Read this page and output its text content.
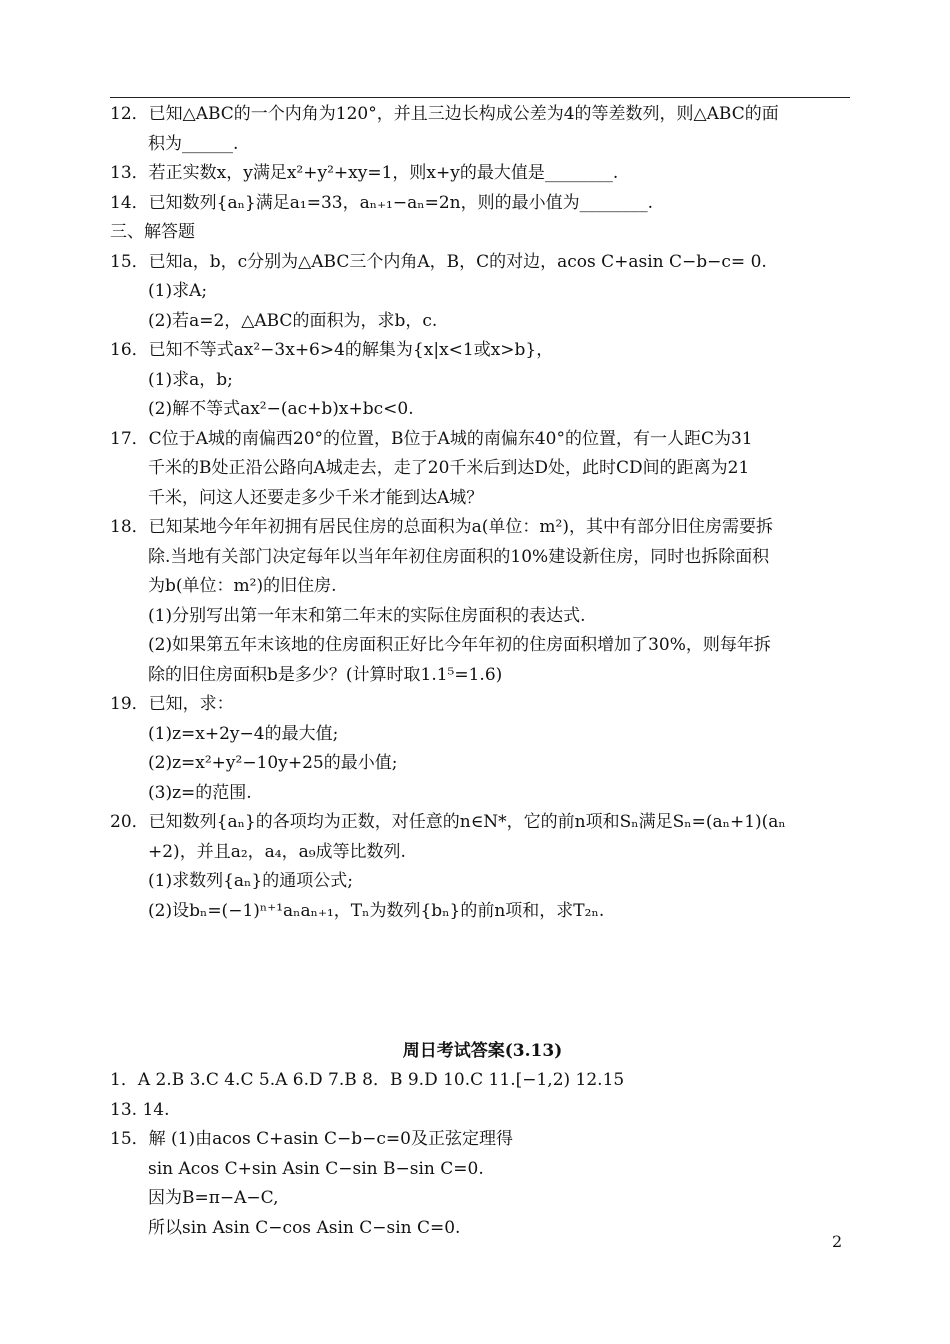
12．已知△ABC的一个内角为120°，并且三边长构成公差为4的等差数列，则△ABC的面
积为______.
13．若正实数x，y满足x²+y²+xy=1，则x+y的最大值是________.
14．已知数列{aₙ}满足a₁=33，aₙ₊₁−aₙ=2n，则的最小值为________.
三、解答题
15．已知a，b，c分别为△ABC三个内角A，B，C的对边，acos C+asin C−b−c= 0.
(1)求A;
(2)若a=2，△ABC的面积为，求b，c.
16．已知不等式ax²−3x+6>4的解集为{x|x<1或x>b}，
(1)求a，b;
(2)解不等式ax²−(ac+b)x+bc<0.
17．C位于A城的南偏西20°的位置，B位于A城的南偏东40°的位置，有一人距C为31
千米的B处正沿公路向A城走去，走了20千米后到达D处，此时CD间的距离为21
千米，问这人还要走多少千米才能到达A城？
18．已知某地今年年初拥有居民住房的总面积为a(单位：m²)，其中有部分旧住房需要拆
除.当地有关部门决定每年以当年年初住房面积的10%建设新住房，同时也拆除面积
为b(单位：m²)的旧住房.
(1)分别写出第一年末和第二年末的实际住房面积的表达式.
(2)如果第五年末该地的住房面积正好比今年年初的住房面积增加了30%，则每年拆
除的旧住房面积b是多少？(计算时取1.1⁵=1.6)
19．已知，求：
(1)z=x+2y−4的最大值;
(2)z=x²+y²−10y+25的最小值;
(3)z=的范围.
20．已知数列{aₙ}的各项均为正数，对任意的n∈N*，它的前n项和Sₙ满足Sₙ=(aₙ+1)(aₙ
+2)，并且a₂，a₄，a₉成等比数列.
(1)求数列{aₙ}的通项公式;
(2)设bₙ=(−1)ⁿ⁺¹aₙaₙ₊₁，Tₙ为数列{bₙ}的前n项和，求T₂ₙ.
周日考试答案(3.13)
1．A 2.B 3.C 4.C 5.A 6.D 7.B 8．B 9.D 10.C 11.[−1,2) 12.15
13. 14.
15．解 (1)由acos C+asin C−b−c=0及正弦定理得
sin Acos C+sin Asin C−sin B−sin C=0.
因为B=π−A−C,
所以sin Asin C−cos Asin C−sin C=0.
2
